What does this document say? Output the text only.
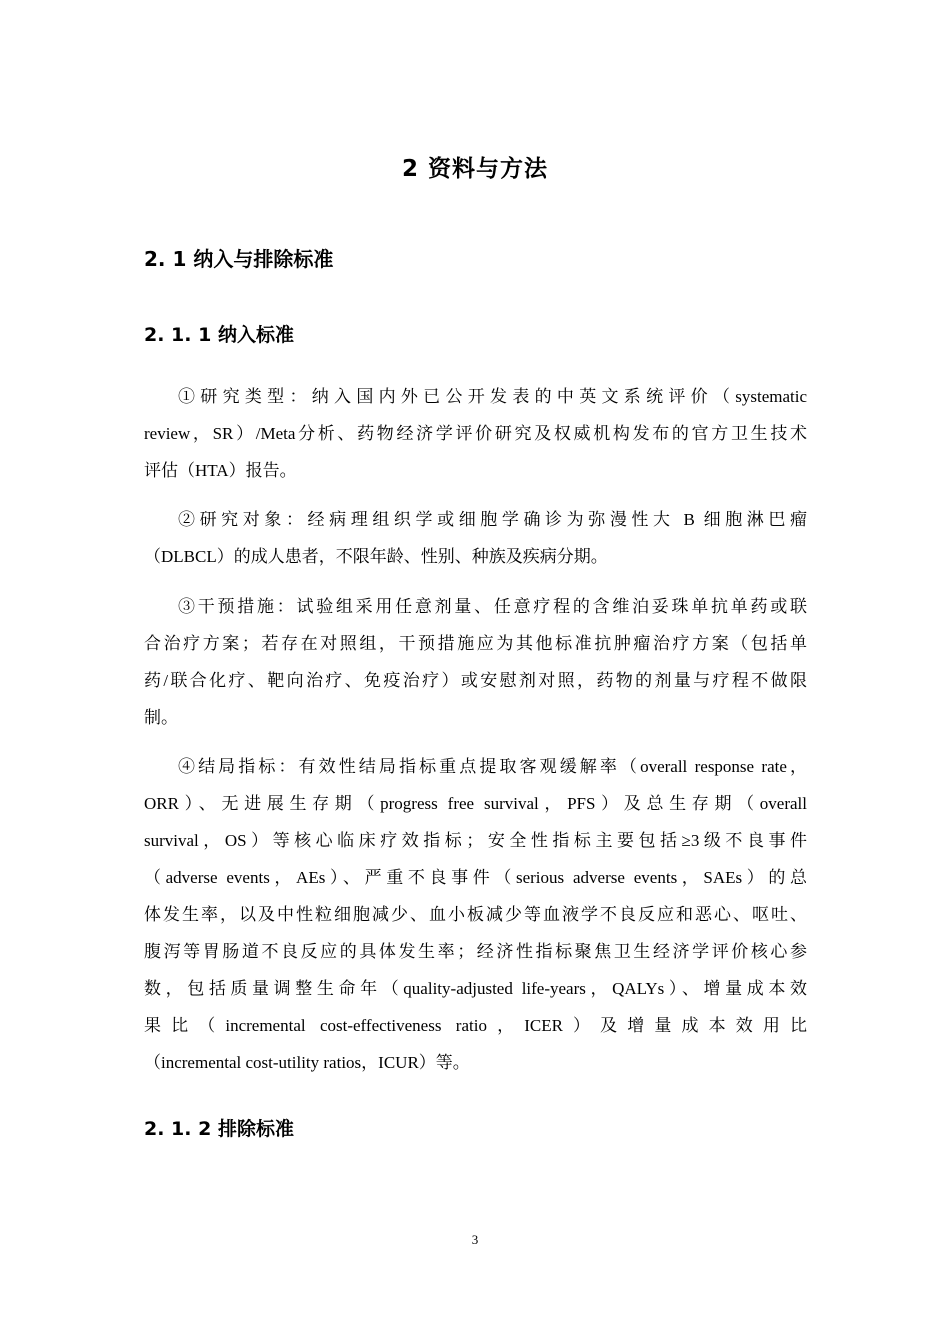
2 资料与方法
2. 1 纳入与排除标准
2. 1. 1 纳入标准
①研究类型：纳入国内外已公开发表的中英文系统评价（systematic
review，SR）/Meta分析、药物经济学评价研究及权威机构发布的官方卫生技术
评估（HTA）报告。
②研究对象：经病理组织学或细胞学确诊为弥漫性大 B 细胞淋巴瘤
（DLBCL）的成人患者，不限年龄、性别、种族及疾病分期。
③干预措施：试验组采用任意剂量、任意疗程的含维泊妥珠单抗单药或联
合治疗方案；若存在对照组，干预措施应为其他标准抗肿瘤治疗方案（包括单
药/联合化疗、靶向治疗、免疫治疗）或安慰剂对照，药物的剂量与疗程不做限
制。
④结局指标：有效性结局指标重点提取客观缓解率（overall response rate，
ORR）、无进展生存期（progress free survival，PFS）及总生存期（overall
survival，OS）等核心临床疗效指标；安全性指标主要包括≥3级不良事件
（adverse events，AEs）、严重不良事件（serious adverse events，SAEs）的总
体发生率，以及中性粒细胞减少、血小板减少等血液学不良反应和恶心、呕吐、
腹泻等胃肠道不良反应的具体发生率；经济性指标聚焦卫生经济学评价核心参
数，包括质量调整生命年（quality-adjusted life-years，QALYs）、增量成本效
果比（incremental cost-effectiveness ratio，ICER）及增量成本效用比
（incremental cost-utility ratios，ICUR）等。
2. 1. 2 排除标准
3
